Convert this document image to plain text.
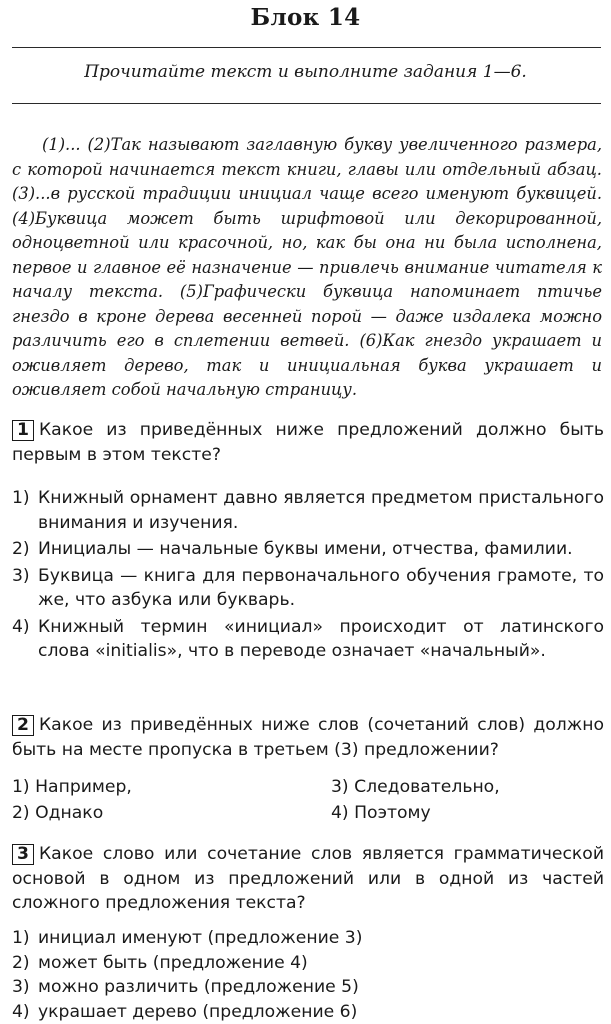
Блок 14
Прочитайте текст и выполните задания 1—6.

(1)... (2)Так называют заглавную букву увеличенного размера, с которой начинается текст книги, главы или отдельный абзац. (3)...в русской традиции инициал чаще всего именуют буквицей. (4)Буквица может быть шрифтовой или декорированной, одноцветной или красочной, но, как бы она ни была исполнена, первое и главное её назначение — привлечь внимание читателя к началу текста. (5)Графически буквица напоминает птичье гнездо в кроне дерева весенней порой — даже издалека можно различить его в сплетении ветвей. (6)Как гнездо украшает и оживляет дерево, так и инициальная буква украшает и оживляет собой начальную страницу.

1 Какое из приведённых ниже предложений должно быть первым в этом тексте?

1) Книжный орнамент давно является предметом пристального внимания и изучения.
2) Инициалы — начальные буквы имени, отчества, фамилии.
3) Буквица — книга для первоначального обучения грамоте, то же, что азбука или букварь.
4) Книжный термин «инициал» происходит от латинского слова «initialis», что в переводе означает «начальный».

2 Какое из приведённых ниже слов (сочетаний слов) должно быть на месте пропуска в третьем (3) предложении?

1) Например,	3) Следовательно,
2) Однако	4) Поэтому

3 Какое слово или сочетание слов является грамматической основой в одном из предложений или в одной из частей сложного предложения текста?

1) инициал именуют (предложение 3)
2) может быть (предложение 4)
3) можно различить (предложение 5)
4) украшает дерево (предложение 6)
